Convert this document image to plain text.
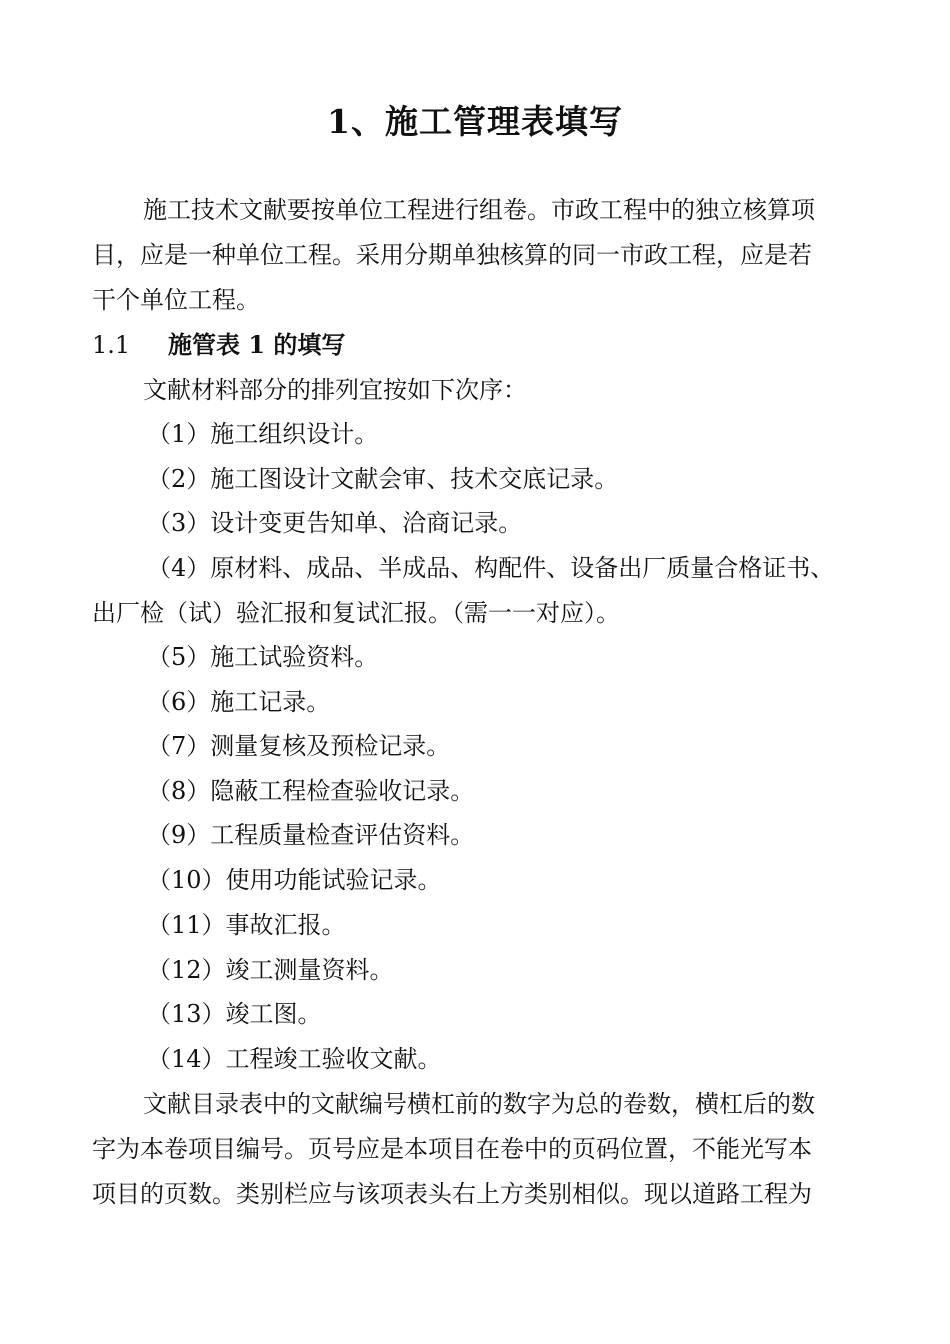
1、施工管理表填写
施工技术文献要按单位工程进行组卷。市政工程中的独立核算项
目，应是一种单位工程。采用分期单独核算的同一市政工程，应是若
干个单位工程。
1.1 施管表 1 的填写
文献材料部分的排列宜按如下次序：
（1）施工组织设计。
（2）施工图设计文献会审、技术交底记录。
（3）设计变更告知单、洽商记录。
（4）原材料、成品、半成品、构配件、设备出厂质量合格证书、
出厂检（试）验汇报和复试汇报。（需一一对应）。
（5）施工试验资料。
（6）施工记录。
（7）测量复核及预检记录。
（8）隐蔽工程检查验收记录。
（9）工程质量检查评估资料。
（10）使用功能试验记录。
（11）事故汇报。
（12）竣工测量资料。
（13）竣工图。
（14）工程竣工验收文献。
文献目录表中的文献编号横杠前的数字为总的卷数，横杠后的数
字为本卷项目编号。页号应是本项目在卷中的页码位置，不能光写本
项目的页数。类别栏应与该项表头右上方类别相似。现以道路工程为
